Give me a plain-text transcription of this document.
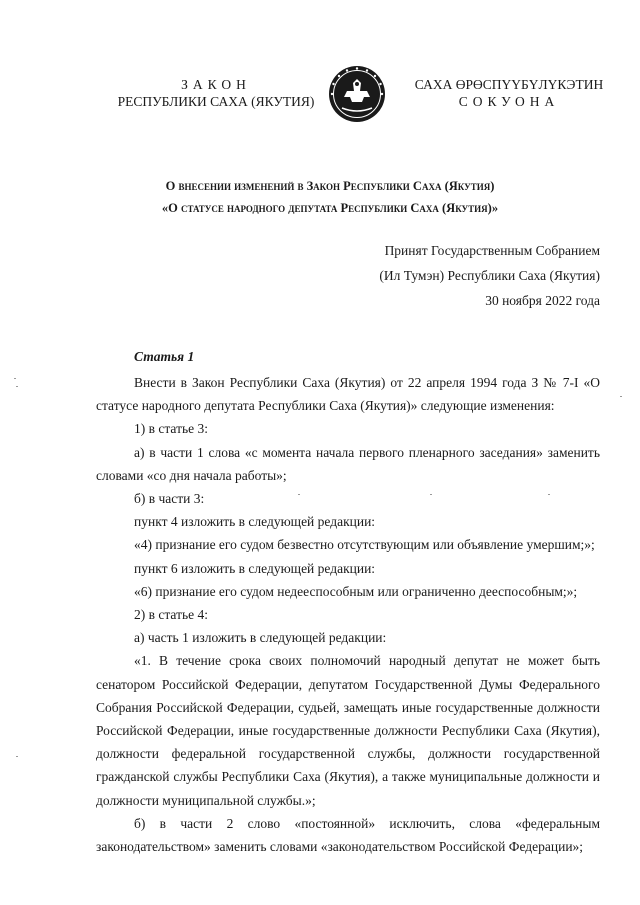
ЗАКОН
РЕСПУБЛИКИ САХА (ЯКУТИЯ)
САХА ӨРӨСПҮҮБҮЛҮКЭТИН
СОКУОНА
О внесении изменений в Закон Республики Саха (Якутия)
«О статусе народного депутата Республики Саха (Якутия)»
Принят Государственным Собранием
(Ил Тумэн) Республики Саха (Якутия)
30 ноября 2022 года
Статья 1

Внести в Закон Республики Саха (Якутия) от 22 апреля 1994 года З № 7-I «О статусе народного депутата Республики Саха (Якутия)» следующие изменения:

1) в статье 3:

а) в части 1 слова «с момента начала первого пленарного заседания» заменить словами «со дня начала работы»;

б) в части 3:

пункт 4 изложить в следующей редакции:

«4) признание его судом безвестно отсутствующим или объявление умершим;»;

пункт 6 изложить в следующей редакции:

«6) признание его судом недееспособным или ограниченно дееспособным;»;

2) в статье 4:

а) часть 1 изложить в следующей редакции:

«1. В течение срока своих полномочий народный депутат не может быть сенатором Российской Федерации, депутатом Государственной Думы Федерального Собрания Российской Федерации, судьей, замещать иные государственные должности Российской Федерации, иные государственные должности Республики Саха (Якутия), должности федеральной государственной службы, должности государственной гражданской службы Республики Саха (Якутия), а также муниципальные должности и должности муниципальной службы.»;

б) в части 2 слово «постоянной» исключить, слова «федеральным законодательством» заменить словами «законодательством Российской Федерации»;
